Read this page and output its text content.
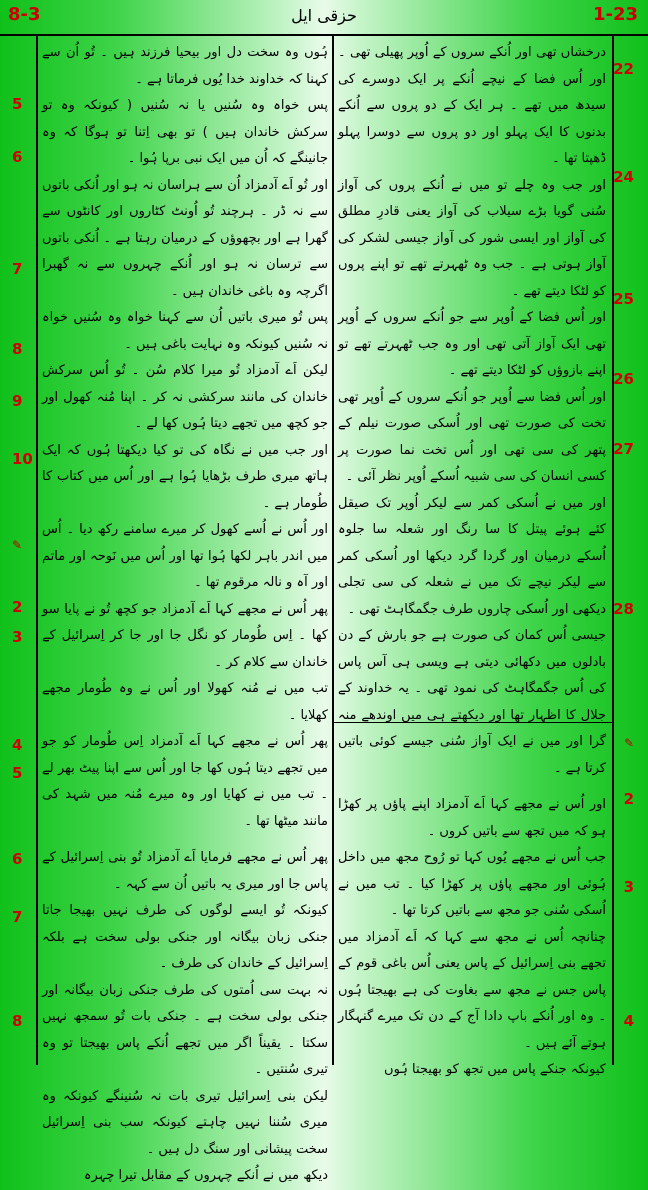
8-3	حزقی ایل	1-23
5
6
7
8
9
10
✎
2
3
4
5
6
7
8
22
24
25
26
27
28
✎
2
3
4

درخشاں تھی اور اُنکے سروں کے اُوپر پھیلی تھی ۔ اور اُس فضا کے نیچے اُنکے پر ایک دوسرے کی سیدھ میں تھے ۔ ہر ایک کے دو پروں سے اُنکے بدنوں کا ایک پہلو اور دو پروں سے دوسرا پہلو ڈھپتا تھا ۔

اور جب وہ چلے تو میں نے اُنکے پروں کی آواز سُنی گویا بڑے سیلاب کی آواز یعنی قادرِ مطلق کی آواز اور ایسی شور کی آواز جیسی لشکر کی آواز ہوتی ہے ۔ جب وہ ٹھہرتے تھے تو اپنے پروں کو لٹکا دیتے تھے ۔

اور اُس فضا کے اُوپر سے جو اُنکے سروں کے اُوپر تھی ایک آواز آتی تھی اور وہ جب ٹھہرتے تھے تو اپنے بازوؤں کو لٹکا دیتے تھے ۔

اور اُس فضا سے اُوپر جو اُنکے سروں کے اُوپر تھی تخت کی صورت تھی اور اُسکی صورت نیلم کے پتھر کی سی تھی اور اُس تخت نما صورت پر کسی انسان کی سی شبیہ اُسکے اُوپر نظر آئی ۔

اور میں نے اُسکی کمر سے لیکر اُوپر تک صیقل کئے ہوئے پیتل کا سا رنگ اور شعلہ سا جلوہ اُسکے درمیان اور گردا گرد دیکھا اور اُسکی کمر سے لیکر نیچے تک میں نے شعلہ کی سی تجلی دیکھی اور اُسکی چاروں طرف جگمگاہٹ تھی ۔

جیسی اُس کمان کی صورت ہے جو بارش کے دن بادلوں میں دکھائی دیتی ہے ویسی ہی آس پاس کی اُس جگمگاہٹ کی نمود تھی ۔ یہ خداوند کے جلال کا اظہار تھا اور دیکھتے ہی میں اوندھے منہ گرا اور میں نے ایک آواز سُنی جیسے کوئی باتیں کرتا ہے ۔

اور اُس نے مجھے کہا اَے آدمزاد اپنے پاؤں پر کھڑا ہو کہ میں تجھ سے باتیں کروں ۔

جب اُس نے مجھے یُوں کہا تو رُوح مجھ میں داخل ہُوئی اور مجھے پاؤں پر کھڑا کیا ۔ تب میں نے اُسکی سُنی جو مجھ سے باتیں کرتا تھا ۔

چنانچہ اُس نے مجھ سے کہا کہ اَے آدمزاد میں تجھے بنی اِسرائیل کے پاس یعنی اُس باغی قوم کے پاس جس نے مجھ سے بغاوت کی ہے بھیجتا ہُوں ۔ وہ اور اُنکے باپ دادا آج کے دن تک میرے گنہگار ہوتے آئے ہیں ۔

کیونکہ جنکے پاس میں تجھ کو بھیجتا ہُوں

ہُوں وہ سخت دل اور بیحیا فرزند ہیں ۔ تُو اُن سے کہنا کہ خداوند خدا یُوں فرماتا ہے ۔

پس خواہ وہ سُنیں یا نہ سُنیں ( کیونکہ وہ تو سرکش خاندان ہیں ) تو بھی اِتنا تو ہوگا کہ وہ جانینگے کہ اُن میں ایک نبی برپا ہُوا ۔

اور تُو اَے آدمزاد اُن سے ہراسان نہ ہو اور اُنکی باتوں سے نہ ڈر ۔ ہرچند تُو اُونٹ کٹاروں اور کانٹوں سے گھرا ہے اور بچھوؤں کے درمیان رہتا ہے ۔ اُنکی باتوں سے ترسان نہ ہو اور اُنکے چہروں سے نہ گھبرا اگرچہ وہ باغی خاندان ہیں ۔

پس تُو میری باتیں اُن سے کہنا خواہ وہ سُنیں خواہ نہ سُنیں کیونکہ وہ نہایت باغی ہیں ۔

لیکن اَے آدمزاد تُو میرا کلام سُن ۔ تُو اُس سرکش خاندان کی مانند سرکشی نہ کر ۔ اپنا مُنہ کھول اور جو کچھ میں تجھے دیتا ہُوں کھا لے ۔

اور جب میں نے نگاہ کی تو کیا دیکھتا ہُوں کہ ایک ہاتھ میری طرف بڑھایا ہُوا ہے اور اُس میں کتاب کا طُومار ہے ۔

اور اُس نے اُسے کھول کر میرے سامنے رکھ دیا ۔ اُس میں اندر باہر لکھا ہُوا تھا اور اُس میں نَوحہ اور ماتم اور آہ و نالہ مرقوم تھا ۔

پھر اُس نے مجھے کہا اَے آدمزاد جو کچھ تُو نے پایا سو کھا ۔ اِس طُومار کو نگل جا اور جا کر اِسرائیل کے خاندان سے کلام کر ۔

تب میں نے مُنہ کھولا اور اُس نے وہ طُومار مجھے کھلایا ۔

پھر اُس نے مجھے کہا اَے آدمزاد اِس طُومار کو جو میں تجھے دیتا ہُوں کھا جا اور اُس سے اپنا پیٹ بھر لے ۔ تب میں نے کھایا اور وہ میرے مُنہ میں شہد کی مانند میٹھا تھا ۔

پھر اُس نے مجھے فرمایا اَے آدمزاد تُو بنی اِسرائیل کے پاس جا اور میری یہ باتیں اُن سے کہہ ۔

کیونکہ تُو ایسے لوگوں کی طرف نہیں بھیجا جاتا جنکی زبان بیگانہ اور جنکی بولی سخت ہے بلکہ اِسرائیل کے خاندان کی طرف ۔

نہ بہت سی اُمتوں کی طرف جنکی زبان بیگانہ اور جنکی بولی سخت ہے ۔ جنکی بات تُو سمجھ نہیں سکتا ۔ یقیناً اگر میں تجھے اُنکے پاس بھیجتا تو وہ تیری سُنتیں ۔

لیکن بنی اِسرائیل تیری بات نہ سُنینگے کیونکہ وہ میری سُننا نہیں چاہتے کیونکہ سب بنی اِسرائیل سخت پیشانی اور سنگ دل ہیں ۔

دیکھ میں نے اُنکے چہروں کے مقابل تیرا چہرہ
